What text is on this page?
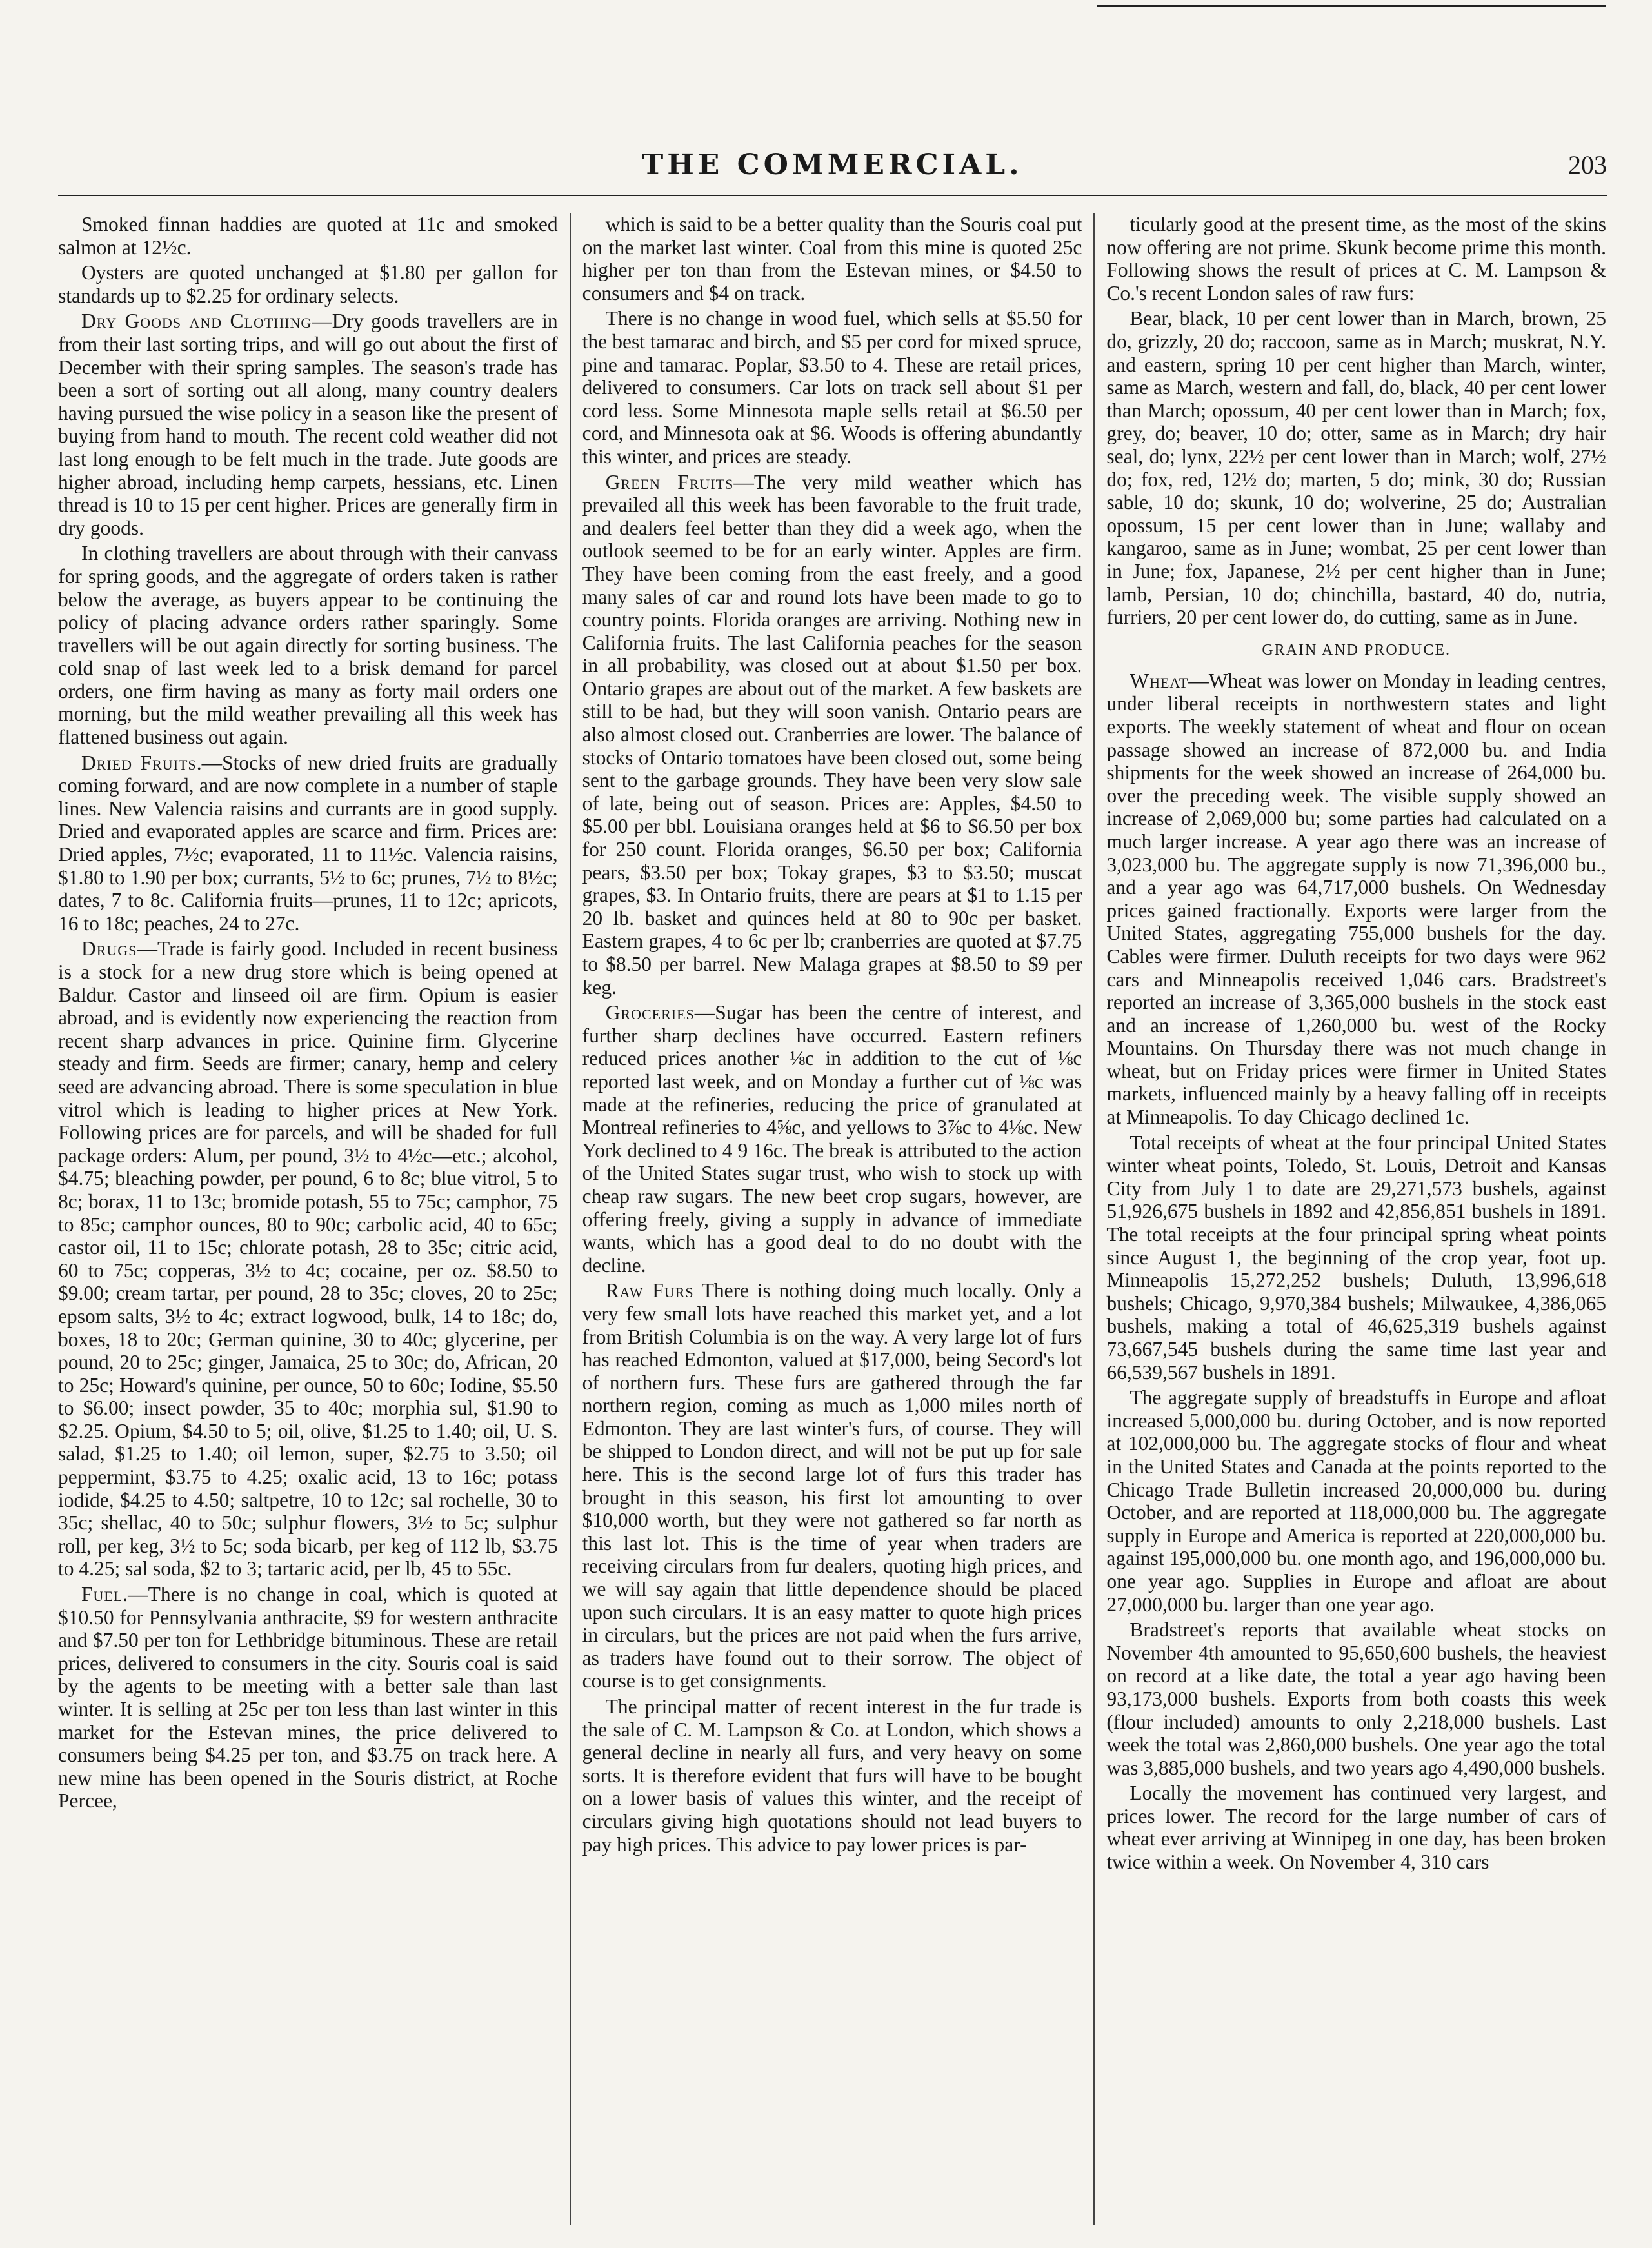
THE COMMERCIAL.	203

Smoked finnan haddies are quoted at 11c and smoked salmon at 12½c.

Oysters are quoted unchanged at $1.80 per gallon for standards up to $2.25 for ordinary selects.

Dry Goods and Clothing—Dry goods travellers are in from their last sorting trips, and will go out about the first of December with their spring samples. The season's trade has been a sort of sorting out all along, many country dealers having pursued the wise policy in a season like the present of buying from hand to mouth. The recent cold weather did not last long enough to be felt much in the trade. Jute goods are higher abroad, including hemp carpets, hessians, etc. Linen thread is 10 to 15 per cent higher. Prices are generally firm in dry goods.

In clothing travellers are about through with their canvass for spring goods, and the aggregate of orders taken is rather below the average, as buyers appear to be continuing the policy of placing advance orders rather sparingly. Some travellers will be out again directly for sorting business. The cold snap of last week led to a brisk demand for parcel orders, one firm having as many as forty mail orders one morning, but the mild weather prevailing all this week has flattened business out again.

Dried Fruits.—Stocks of new dried fruits are gradually coming forward, and are now complete in a number of staple lines. New Valencia raisins and currants are in good supply. Dried and evaporated apples are scarce and firm. Prices are: Dried apples, 7½c; evaporated, 11 to 11½c. Valencia raisins, $1.80 to 1.90 per box; currants, 5½ to 6c; prunes, 7½ to 8½c; dates, 7 to 8c. California fruits—prunes, 11 to 12c; apricots, 16 to 18c; peaches, 24 to 27c.

Drugs—Trade is fairly good. Included in recent business is a stock for a new drug store which is being opened at Baldur. Castor and linseed oil are firm. Opium is easier abroad, and is evidently now experiencing the reaction from recent sharp advances in price. Quinine firm. Glycerine steady and firm. Seeds are firmer; canary, hemp and celery seed are advancing abroad. There is some speculation in blue vitrol which is leading to higher prices at New York. Following prices are for parcels, and will be shaded for full package orders: Alum, per pound, 3½ to 4½c—etc.; alcohol, $4.75; bleaching powder, per pound, 6 to 8c; blue vitrol, 5 to 8c; borax, 11 to 13c; bromide potash, 55 to 75c; camphor, 75 to 85c; camphor ounces, 80 to 90c; carbolic acid, 40 to 65c; castor oil, 11 to 15c; chlorate potash, 28 to 35c; citric acid, 60 to 75c; copperas, 3½ to 4c; cocaine, per oz. $8.50 to $9.00; cream tartar, per pound, 28 to 35c; cloves, 20 to 25c; epsom salts, 3½ to 4c; extract logwood, bulk, 14 to 18c; do, boxes, 18 to 20c; German quinine, 30 to 40c; glycerine, per pound, 20 to 25c; ginger, Jamaica, 25 to 30c; do, African, 20 to 25c; Howard's quinine, per ounce, 50 to 60c; Iodine, $5.50 to $6.00; insect powder, 35 to 40c; morphia sul, $1.90 to $2.25. Opium, $4.50 to 5; oil, olive, $1.25 to 1.40; oil, U. S. salad, $1.25 to 1.40; oil lemon, super, $2.75 to 3.50; oil peppermint, $3.75 to 4.25; oxalic acid, 13 to 16c; potass iodide, $4.25 to 4.50; saltpetre, 10 to 12c; sal rochelle, 30 to 35c; shellac, 40 to 50c; sulphur flowers, 3½ to 5c; sulphur roll, per keg, 3½ to 5c; soda bicarb, per keg of 112 lb, $3.75 to 4.25; sal soda, $2 to 3; tartaric acid, per lb, 45 to 55c.

Fuel.—There is no change in coal, which is quoted at $10.50 for Pennsylvania anthracite, $9 for western anthracite and $7.50 per ton for Lethbridge bituminous. These are retail prices, delivered to consumers in the city. Souris coal is said by the agents to be meeting with a better sale than last winter. It is selling at 25c per ton less than last winter in this market for the Estevan mines, the price delivered to consumers being $4.25 per ton, and $3.75 on track here. A new mine has been opened in the Souris district, at Roche Percee,

which is said to be a better quality than the Souris coal put on the market last winter. Coal from this mine is quoted 25c higher per ton than from the Estevan mines, or $4.50 to consumers and $4 on track.

There is no change in wood fuel, which sells at $5.50 for the best tamarac and birch, and $5 per cord for mixed spruce, pine and tamarac. Poplar, $3.50 to 4. These are retail prices, delivered to consumers. Car lots on track sell about $1 per cord less. Some Minnesota maple sells retail at $6.50 per cord, and Minnesota oak at $6. Woods is offering abundantly this winter, and prices are steady.

Green Fruits—The very mild weather which has prevailed all this week has been favorable to the fruit trade, and dealers feel better than they did a week ago, when the outlook seemed to be for an early winter. Apples are firm. They have been coming from the east freely, and a good many sales of car and round lots have been made to go to country points. Florida oranges are arriving. Nothing new in California fruits. The last California peaches for the season in all probability, was closed out at about $1.50 per box. Ontario grapes are about out of the market. A few baskets are still to be had, but they will soon vanish. Ontario pears are also almost closed out. Cranberries are lower. The balance of stocks of Ontario tomatoes have been closed out, some being sent to the garbage grounds. They have been very slow sale of late, being out of season. Prices are: Apples, $4.50 to $5.00 per bbl. Louisiana oranges held at $6 to $6.50 per box for 250 count. Florida oranges, $6.50 per box; California pears, $3.50 per box; Tokay grapes, $3 to $3.50; muscat grapes, $3. In Ontario fruits, there are pears at $1 to 1.15 per 20 lb. basket and quinces held at 80 to 90c per basket. Eastern grapes, 4 to 6c per lb; cranberries are quoted at $7.75 to $8.50 per barrel. New Malaga grapes at $8.50 to $9 per keg.

Groceries—Sugar has been the centre of interest, and further sharp declines have occurred. Eastern refiners reduced prices another ⅛c in addition to the cut of ⅛c reported last week, and on Monday a further cut of ⅛c was made at the refineries, reducing the price of granulated at Montreal refineries to 4⅝c, and yellows to 3⅞c to 4⅛c. New York declined to 4 9 16c. The break is attributed to the action of the United States sugar trust, who wish to stock up with cheap raw sugars. The new beet crop sugars, however, are offering freely, giving a supply in advance of immediate wants, which has a good deal to do no doubt with the decline.

Raw Furs There is nothing doing much locally. Only a very few small lots have reached this market yet, and a lot from British Columbia is on the way. A very large lot of furs has reached Edmonton, valued at $17,000, being Secord's lot of northern furs. These furs are gathered through the far northern region, coming as much as 1,000 miles north of Edmonton. They are last winter's furs, of course. They will be shipped to London direct, and will not be put up for sale here. This is the second large lot of furs this trader has brought in this season, his first lot amounting to over $10,000 worth, but they were not gathered so far north as this last lot. This is the time of year when traders are receiving circulars from fur dealers, quoting high prices, and we will say again that little dependence should be placed upon such circulars. It is an easy matter to quote high prices in circulars, but the prices are not paid when the furs arrive, as traders have found out to their sorrow. The object of course is to get consignments.

The principal matter of recent interest in the fur trade is the sale of C. M. Lampson & Co. at London, which shows a general decline in nearly all furs, and very heavy on some sorts. It is therefore evident that furs will have to be bought on a lower basis of values this winter, and the receipt of circulars giving high quotations should not lead buyers to pay high prices. This advice to pay lower prices is par-

ticularly good at the present time, as the most of the skins now offering are not prime. Skunk become prime this month. Following shows the result of prices at C. M. Lampson & Co.'s recent London sales of raw furs:

Bear, black, 10 per cent lower than in March, brown, 25 do, grizzly, 20 do; raccoon, same as in March; muskrat, N.Y. and eastern, spring 10 per cent higher than March, winter, same as March, western and fall, do, black, 40 per cent lower than March; opossum, 40 per cent lower than in March; fox, grey, do; beaver, 10 do; otter, same as in March; dry hair seal, do; lynx, 22½ per cent lower than in March; wolf, 27½ do; fox, red, 12½ do; marten, 5 do; mink, 30 do; Russian sable, 10 do; skunk, 10 do; wolverine, 25 do; Australian opossum, 15 per cent lower than in June; wallaby and kangaroo, same as in June; wombat, 25 per cent lower than in June; fox, Japanese, 2½ per cent higher than in June; lamb, Persian, 10 do; chinchilla, bastard, 40 do, nutria, furriers, 20 per cent lower do, do cutting, same as in June.

GRAIN AND PRODUCE.

Wheat—Wheat was lower on Monday in leading centres, under liberal receipts in northwestern states and light exports. The weekly statement of wheat and flour on ocean passage showed an increase of 872,000 bu. and India shipments for the week showed an increase of 264,000 bu. over the preceding week. The visible supply showed an increase of 2,069,000 bu; some parties had calculated on a much larger increase. A year ago there was an increase of 3,023,000 bu. The aggregate supply is now 71,396,000 bu., and a year ago was 64,717,000 bushels. On Wednesday prices gained fractionally. Exports were larger from the United States, aggregating 755,000 bushels for the day. Cables were firmer. Duluth receipts for two days were 962 cars and Minneapolis received 1,046 cars. Bradstreet's reported an increase of 3,365,000 bushels in the stock east and an increase of 1,260,000 bu. west of the Rocky Mountains. On Thursday there was not much change in wheat, but on Friday prices were firmer in United States markets, influenced mainly by a heavy falling off in receipts at Minneapolis. To day Chicago declined 1c.

Total receipts of wheat at the four principal United States winter wheat points, Toledo, St. Louis, Detroit and Kansas City from July 1 to date are 29,271,573 bushels, against 51,926,675 bushels in 1892 and 42,856,851 bushels in 1891. The total receipts at the four principal spring wheat points since August 1, the beginning of the crop year, foot up. Minneapolis 15,272,252 bushels; Duluth, 13,996,618 bushels; Chicago, 9,970,384 bushels; Milwaukee, 4,386,065 bushels, making a total of 46,625,319 bushels against 73,667,545 bushels during the same time last year and 66,539,567 bushels in 1891.

The aggregate supply of breadstuffs in Europe and afloat increased 5,000,000 bu. during October, and is now reported at 102,000,000 bu. The aggregate stocks of flour and wheat in the United States and Canada at the points reported to the Chicago Trade Bulletin increased 20,000,000 bu. during October, and are reported at 118,000,000 bu. The aggregate supply in Europe and America is reported at 220,000,000 bu. against 195,000,000 bu. one month ago, and 196,000,000 bu. one year ago. Supplies in Europe and afloat are about 27,000,000 bu. larger than one year ago.

Bradstreet's reports that available wheat stocks on November 4th amounted to 95,650,600 bushels, the heaviest on record at a like date, the total a year ago having been 93,173,000 bushels. Exports from both coasts this week (flour included) amounts to only 2,218,000 bushels. Last week the total was 2,860,000 bushels. One year ago the total was 3,885,000 bushels, and two years ago 4,490,000 bushels.

Locally the movement has continued very largest, and prices lower. The record for the large number of cars of wheat ever arriving at Winnipeg in one day, has been broken twice within a week. On November 4, 310 cars
